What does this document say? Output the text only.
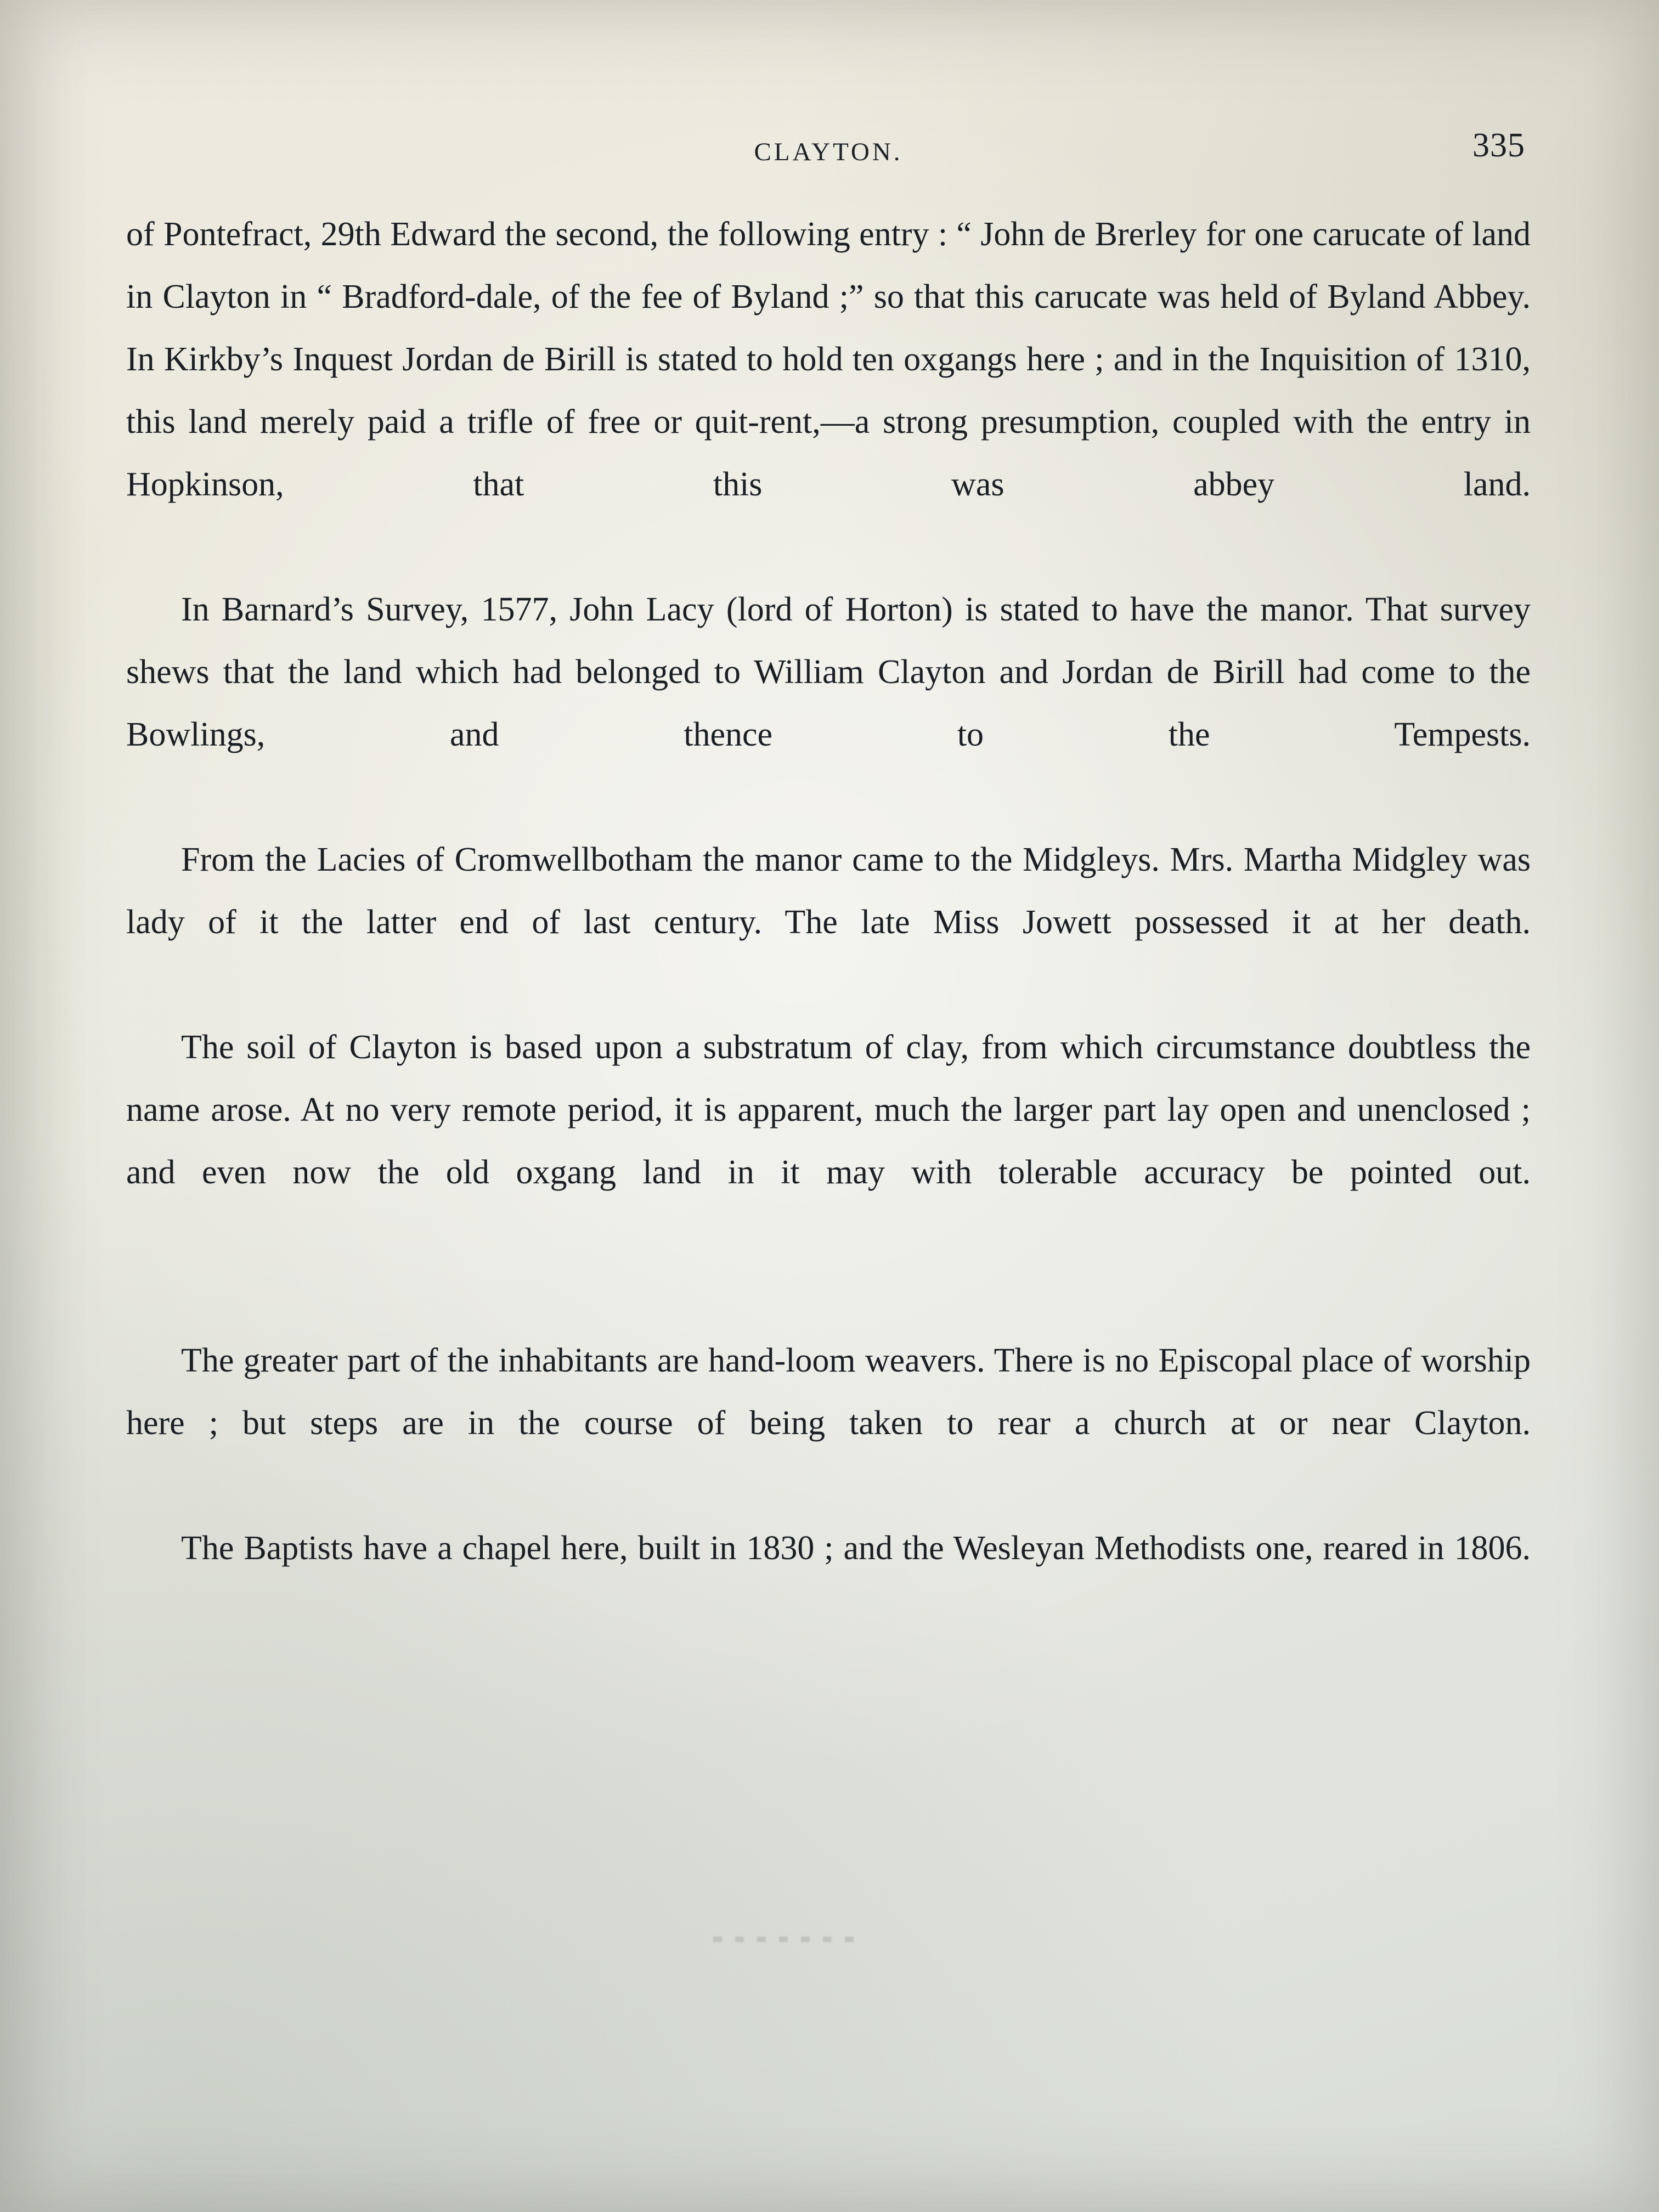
CLAYTON.	335

of Pontefract, 29th Edward the second, the following entry : “ John de Brerley for one carucate of land in Clayton in “ Bradford-dale, of the fee of Byland ;” so that this carucate was held of Byland Abbey. In Kirkby’s Inquest Jordan de Birill is stated to hold ten oxgangs here ; and in the Inquisition of 1310, this land merely paid a trifle of free or quit-rent,—a strong presumption, coupled with the entry in Hopkinson, that this was abbey land.

In Barnard’s Survey, 1577, John Lacy (lord of Horton) is stated to have the manor. That survey shews that the land which had belonged to William Clayton and Jordan de Birill had come to the Bowlings, and thence to the Tempests.

From the Lacies of Cromwellbotham the manor came to the Midgleys. Mrs. Martha Midgley was lady of it the latter end of last century. The late Miss Jowett possessed it at her death.

The soil of Clayton is based upon a substratum of clay, from which circumstance doubtless the name arose. At no very remote period, it is apparent, much the larger part lay open and unenclosed ; and even now the old oxgang land in it may with tolerable accuracy be pointed out.

The greater part of the inhabitants are hand-loom weavers. There is no Episcopal place of worship here ; but steps are in the course of being taken to rear a church at or near Clayton.

The Baptists have a chapel here, built in 1830 ; and the Wesleyan Methodists one, reared in 1806.
